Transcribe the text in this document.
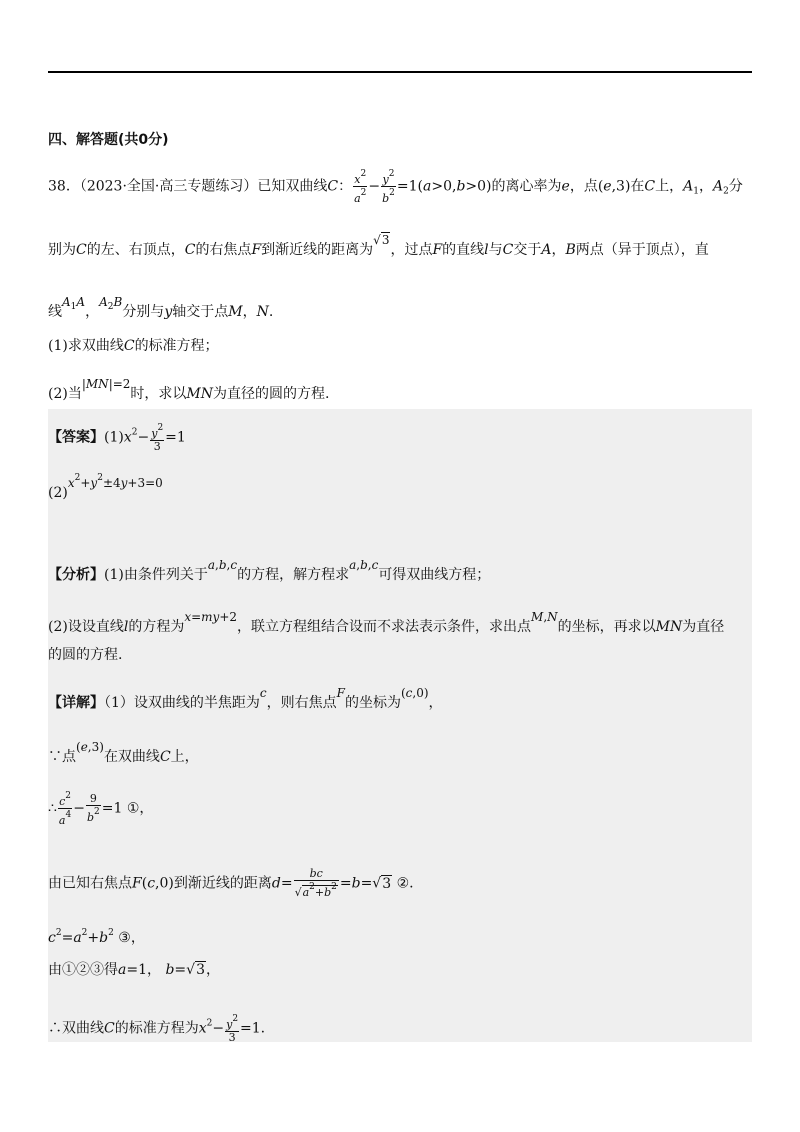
四、解答题(共0分)
38．（2023·全国·高三专题练习）已知双曲线C： $\frac{x^2}{a^2} - \frac{y^2}{b^2} =1(a>0,b>0)$的离心率为e，点(e,3)在C上，$A_1$，$A_2$分
别为C的左、右顶点，C的右焦点F到渐近线的距离为√3，过点F的直线l与C交于A，B两点（异于顶点），直
线$A_1A$，$A_2B$分别与y轴交于点M，N.
(1)求双曲线C的标准方程；
(2)当|MN|=2时，求以MN为直径的圆的方程.
【答案】$(1)x^2- \frac{y^2}{3} =1$
$(2)x^2+y^2\pm 4y+3=0$
【分析】(1)由条件列关于a,b,c的方程，解方程求a,b,c可得双曲线方程；
(2)设设直线l的方程为x=my+2，联立方程组结合设而不求法表示条件，求出点M,N的坐标，再求以MN为直径
的圆的方程.
【详解】（1）设双曲线的半焦距为c，则右焦点F的坐标为(c,0)，
∵点(e,3)在双曲线C上，
∴ $\frac{c^2}{a^4} - \frac{9}{b^2} =1$ ①，
由已知右焦点F(c,0)到渐近线的距离$d= \frac{bc}{√a^2+b^2} =b=√3$ ②.
$c^2=a^2+b^2$ ③，
由①②③得a=1， b=√3，
∴双曲线C的标准方程为$x^2- \frac{y^2}{3} =1$.
